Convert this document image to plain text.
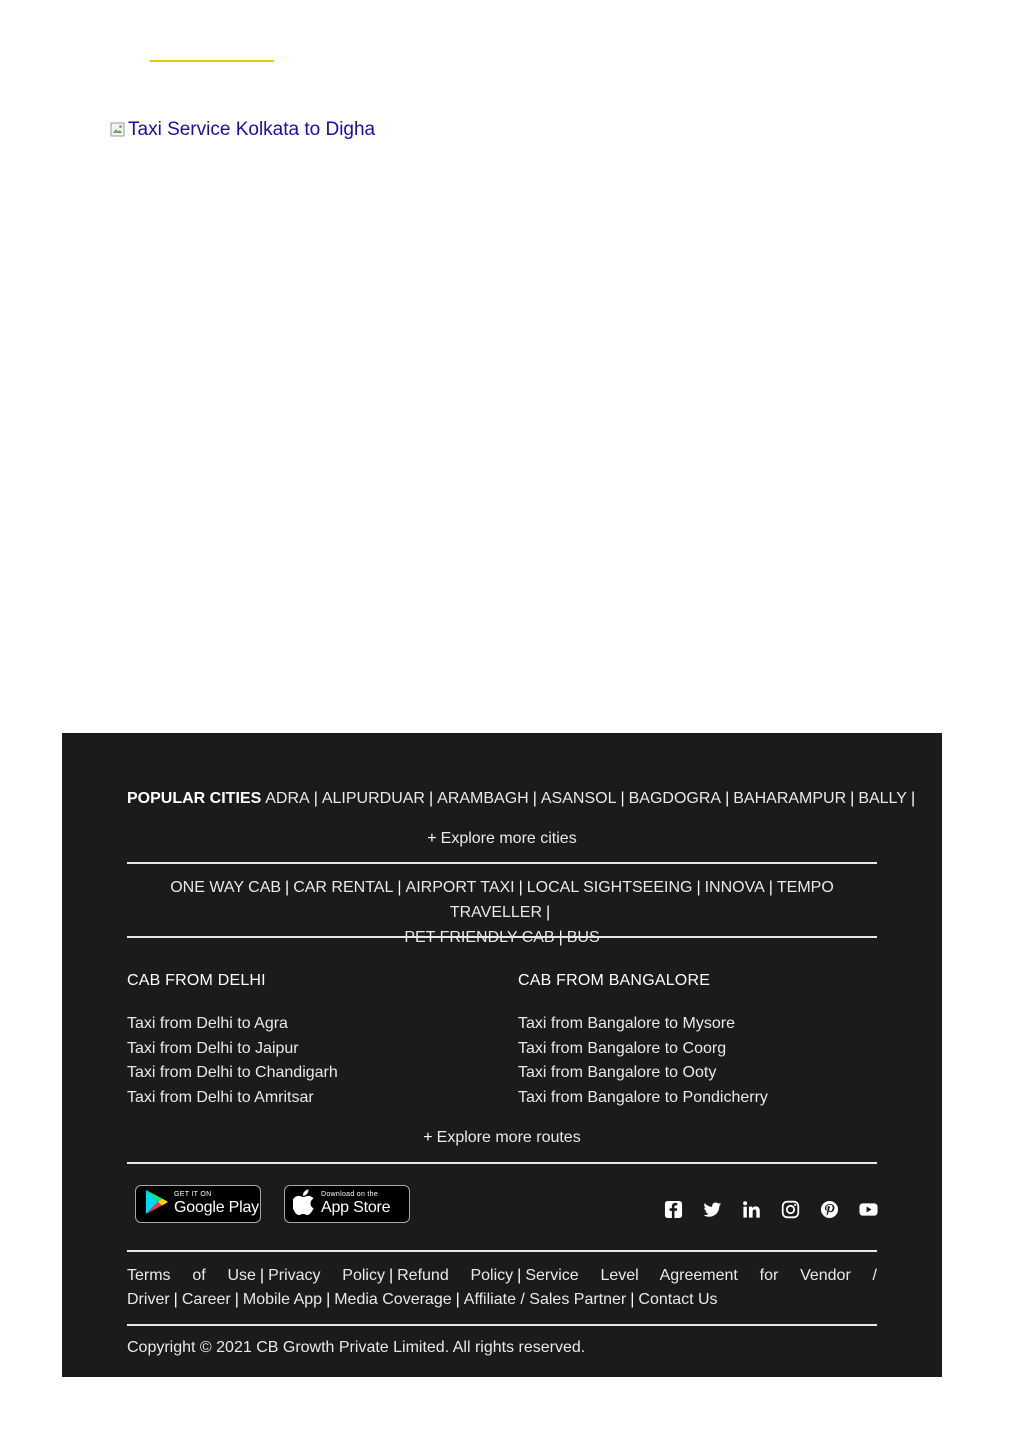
Taxi Service Kolkata to Digha
POPULAR CITIES ADRA | ALIPURDUAR | ARAMBAGH | ASANSOL | BAGDOGRA | BAHARAMPUR | BALLY |
+ Explore more cities
ONE WAY CAB | CAR RENTAL | AIRPORT TAXI | LOCAL SIGHTSEEING | INNOVA | TEMPO TRAVELLER |

CAB FROM DELHI
Taxi from Delhi to Agra
Taxi from Delhi to Jaipur
Taxi from Delhi to Chandigarh
Taxi from Delhi to Amritsar
CAB FROM BANGALORE
Taxi from Bangalore to Mysore
Taxi from Bangalore to Coorg
Taxi from Bangalore to Ooty
Taxi from Bangalore to Pondicherry
+ Explore more routes
GET IT ON
Google Play
Download on the
App Store
Terms of Use | Privacy Policy | Refund Policy | Service Level Agreement for Vendor / Driver | Career | Mobile App | Media Coverage | Affiliate / Sales Partner | Contact Us
Copyright © 2021 CB Growth Private Limited. All rights reserved.
